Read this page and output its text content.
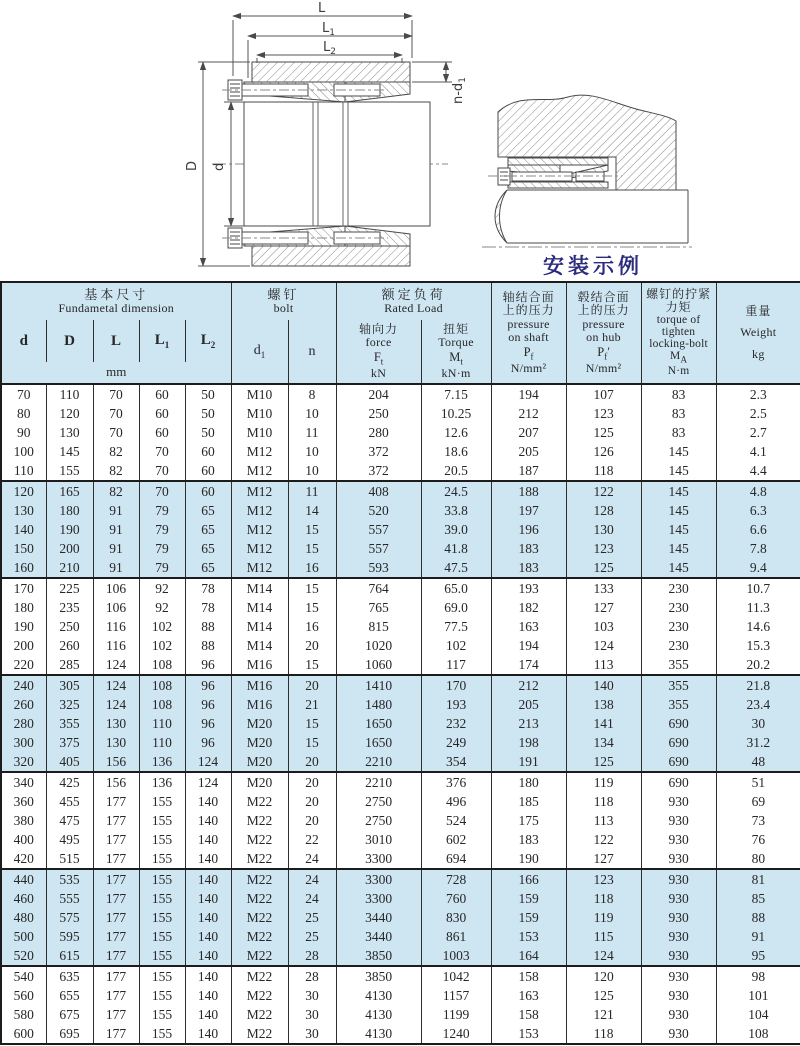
L
$L_1$
$L_2$
$n-d_1$
D d
安装示例
基本尺寸
Fundametal dimension

螺钉
bolt

额定负荷
Rated Load

轴结合面
上的压力
pressure
on shaft
$P_f$
N/mm²

毂结合面
上的压力
pressure
on hub
$P_f'$
N/mm²

螺钉的拧紧
力矩
torque of
tighten
locking-bolt
$M_A$
N·m

重量
Weight
kg

d	D	L	$L_1$	$L_2$	$d_1$	n	
轴向力
force
$F_t$
kN

扭矩
Torque
$M_t$
kN·m

mm												
70	110	70	60	50	M10	8	204	7.15	194	107	83	2.3
80	120	70	60	50	M10	10	250	10.25	212	123	83	2.5
90	130	70	60	50	M10	11	280	12.6	207	125	83	2.7
100	145	82	70	60	M12	10	372	18.6	205	126	145	4.1
110	155	82	70	60	M12	10	372	20.5	187	118	145	4.4
120	165	82	70	60	M12	11	408	24.5	188	122	145	4.8
130	180	91	79	65	M12	14	520	33.8	197	128	145	6.3
140	190	91	79	65	M12	15	557	39.0	196	130	145	6.6
150	200	91	79	65	M12	15	557	41.8	183	123	145	7.8
160	210	91	79	65	M12	16	593	47.5	183	125	145	9.4
170	225	106	92	78	M14	15	764	65.0	193	133	230	10.7
180	235	106	92	78	M14	15	765	69.0	182	127	230	11.3
190	250	116	102	88	M14	16	815	77.5	163	103	230	14.6
200	260	116	102	88	M14	20	1020	102	194	124	230	15.3
220	285	124	108	96	M16	15	1060	117	174	113	355	20.2
240	305	124	108	96	M16	20	1410	170	212	140	355	21.8
260	325	124	108	96	M16	21	1480	193	205	138	355	23.4
280	355	130	110	96	M20	15	1650	232	213	141	690	30
300	375	130	110	96	M20	15	1650	249	198	134	690	31.2
320	405	156	136	124	M20	20	2210	354	191	125	690	48
340	425	156	136	124	M20	20	2210	376	180	119	690	51
360	455	177	155	140	M22	20	2750	496	185	118	930	69
380	475	177	155	140	M22	20	2750	524	175	113	930	73
400	495	177	155	140	M22	22	3010	602	183	122	930	76
420	515	177	155	140	M22	24	3300	694	190	127	930	80
440	535	177	155	140	M22	24	3300	728	166	123	930	81
460	555	177	155	140	M22	24	3300	760	159	118	930	85
480	575	177	155	140	M22	25	3440	830	159	119	930	88
500	595	177	155	140	M22	25	3440	861	153	115	930	91
520	615	177	155	140	M22	28	3850	1003	164	124	930	95
540	635	177	155	140	M22	28	3850	1042	158	120	930	98
560	655	177	155	140	M22	30	4130	1157	163	125	930	101
580	675	177	155	140	M22	30	4130	1199	158	121	930	104
600	695	177	155	140	M22	30	4130	1240	153	118	930	108
